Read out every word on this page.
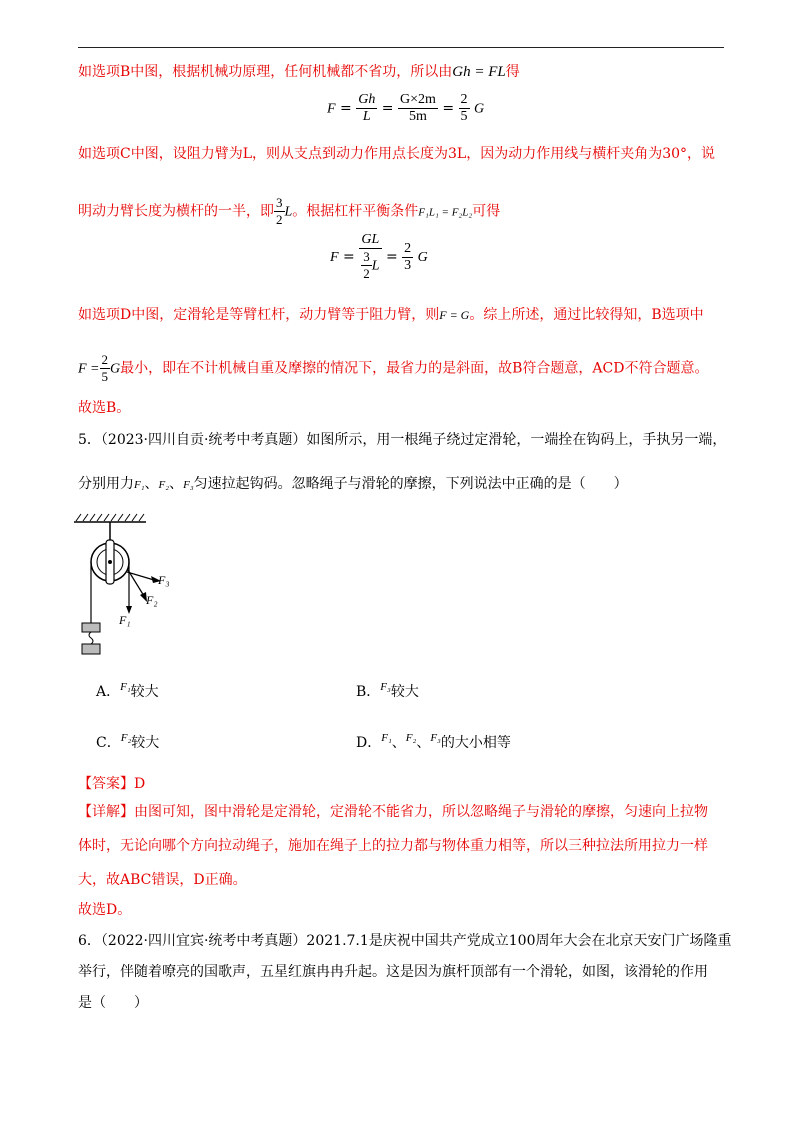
如选项B中图，根据机械功原理，任何机械都不省功，所以由Gh = FL得
$F = \frac{Gh}{L} = \frac{G\times 2m}{5m} = \frac{2}{5}$ G
如选项C中图，设阻力臂为L，则从支点到动力作用点长度为3L，因为动力作用线与横杆夹角为30°，说
明动力臂长度为横杆的一半，即 $\frac{3}{2}$ L。根据杠杆平衡条件F₁L₁ = F₂L₂可得
$F = \frac{GL}{\frac{3}{2} L} = \frac{2}{3}$ G
如选项D中图，定滑轮是等臂杠杆，动力臂等于阻力臂，则F = G。综上所述，通过比较得知，B选项中
$F = \frac{2}{5}$ G最小，即在不计机械自重及摩擦的情况下，最省力的是斜面，故B符合题意，ACD不符合题意。
故选B。
5．（2023·四川自贡·统考中考真题）如图所示，用一根绳子绕过定滑轮，一端拴在钩码上，手执另一端，
分别用力F₁、F₂、F₃匀速拉起钩码。忽略绳子与滑轮的摩擦，下列说法中正确的是（　　）
F₃
F₂
F₁
A．$^{F_1}$较大	B．$^{F_3}$较大
C．$^{F_2}$较大	D．$^{F_1}$、$^{F_2}$、$^{F_3}$的大小相等
【答案】D
【详解】由图可知，图中滑轮是定滑轮，定滑轮不能省力，所以忽略绳子与滑轮的摩擦，匀速向上拉物
体时，无论向哪个方向拉动绳子，施加在绳子上的拉力都与物体重力相等，所以三种拉法所用拉力一样
大，故ABC错误，D正确。
故选D。
6．（2022·四川宜宾·统考中考真题）2021.7.1是庆祝中国共产党成立100周年大会在北京天安门广场隆重
举行，伴随着嘹亮的国歌声，五星红旗冉冉升起。这是因为旗杆顶部有一个滑轮，如图，该滑轮的作用
是（　　）
